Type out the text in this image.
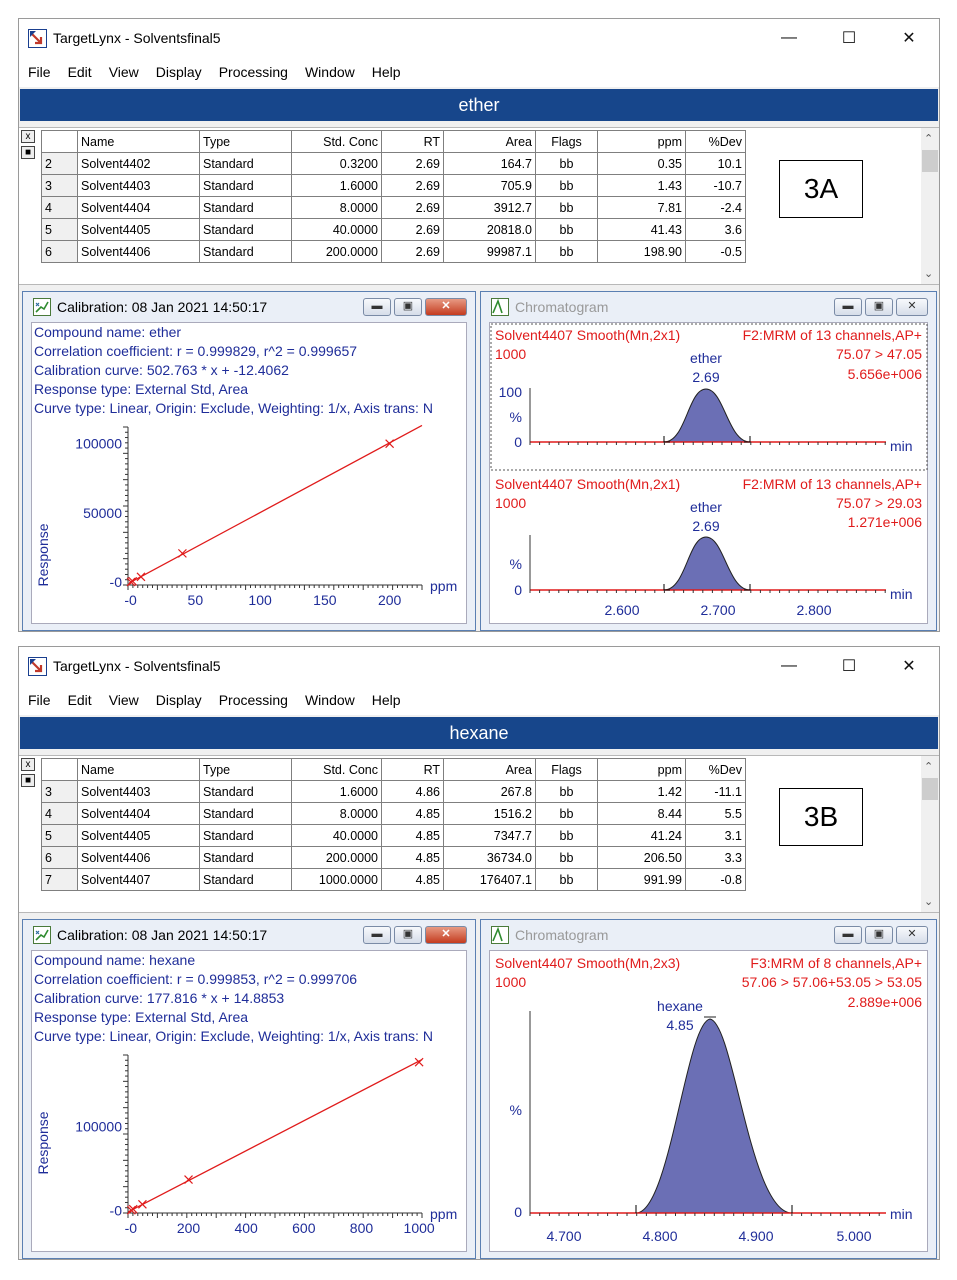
TargetLynx - Solventsfinal5	—	☐	✕
File Edit View Display Processing Window Help
ether
x
■
	Name	Type	Std. Conc	RT	Area	Flags	ppm	%Dev
2	Solvent4402	Standard	0.3200	2.69	164.7	bb	0.35	10.1
3	Solvent4403	Standard	1.6000	2.69	705.9	bb	1.43	-10.7
4	Solvent4404	Standard	8.0000	2.69	3912.7	bb	7.81	-2.4
5	Solvent4405	Standard	40.0000	2.69	20818.0	bb	41.43	3.6
6	Solvent4406	Standard	200.0000	2.69	99987.1	bb	198.90	-0.5
3A
⌃
⌄
Calibration: 08 Jan 2021 14:50:17	▬	▣	✕
Compound name: ether
Correlation coefficient: r = 0.999829, r^2 = 0.999657
Calibration curve: 502.763 * x + -12.4062
Response type: External Std, Area
Curve type: Linear, Origin: Exclude, Weighting: 1/x, Axis trans: N
Response	ppm
-0	50	100	150	200
-0
50000
100000
Chromatogram	▬	▣	✕
Solvent4407 Smooth(Mn,2x1)	F2:MRM of 13 channels,AP+
1000	75.07 > 47.05
5.656e+006
ether
2.69
100
%
0	min
Solvent4407 Smooth(Mn,2x1)	F2:MRM of 13 channels,AP+
1000	75.07 > 29.03
1.271e+006
ether
2.69
%
0	min
2.600	2.700	2.800
TargetLynx - Solventsfinal5	—	☐	✕
File Edit View Display Processing Window Help
hexane
x
■
	Name	Type	Std. Conc	RT	Area	Flags	ppm	%Dev
3	Solvent4403	Standard	1.6000	4.86	267.8	bb	1.42	-11.1
4	Solvent4404	Standard	8.0000	4.85	1516.2	bb	8.44	5.5
5	Solvent4405	Standard	40.0000	4.85	7347.7	bb	41.24	3.1
6	Solvent4406	Standard	200.0000	4.85	36734.0	bb	206.50	3.3
7	Solvent4407	Standard	1000.0000	4.85	176407.1	bb	991.99	-0.8
3B
⌃
⌄
Calibration: 08 Jan 2021 14:50:17	▬	▣	✕
Compound name: hexane
Correlation coefficient: r = 0.999853, r^2 = 0.999706
Calibration curve: 177.816 * x + 14.8853
Response type: External Std, Area
Curve type: Linear, Origin: Exclude, Weighting: 1/x, Axis trans: N
Response
ppm
-0	200 400 600 800 1000
-0
100000
Chromatogram	▬	▣	✕
Solvent4407 Smooth(Mn,2x3)	F3:MRM of 8 channels,AP+
1000	57.06 > 57.06+53.05 > 53.05
2.889e+006
hexane
4.85
%
0	min
4.700	4.800	4.900	5.000
